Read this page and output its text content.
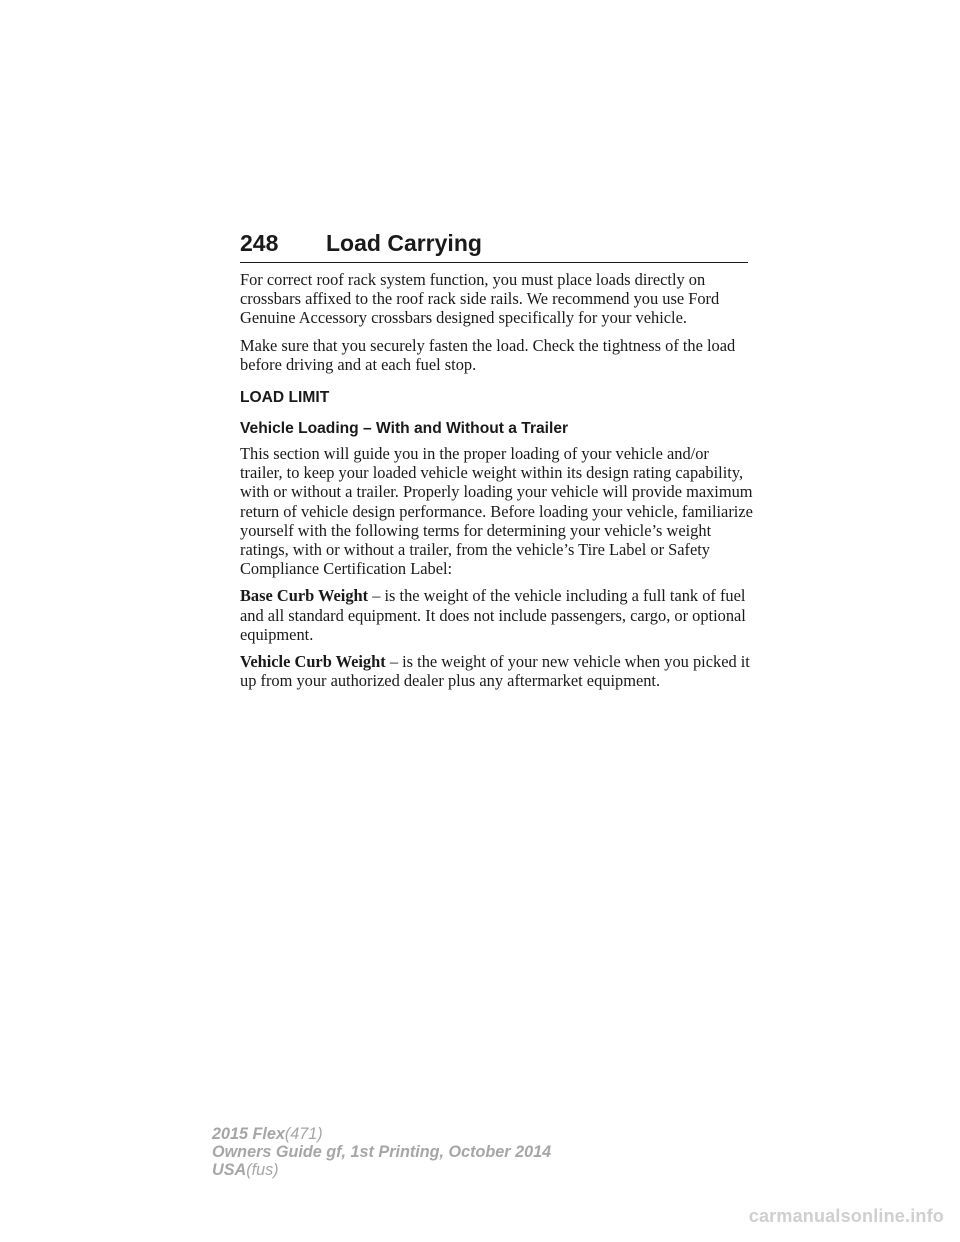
248 Load Carrying

For correct roof rack system function, you must place loads directly on crossbars affixed to the roof rack side rails. We recommend you use Ford Genuine Accessory crossbars designed specifically for your vehicle.

Make sure that you securely fasten the load. Check the tightness of the load before driving and at each fuel stop.

LOAD LIMIT
Vehicle Loading – With and Without a Trailer

This section will guide you in the proper loading of your vehicle and/or trailer, to keep your loaded vehicle weight within its design rating capability, with or without a trailer. Properly loading your vehicle will provide maximum return of vehicle design performance. Before loading your vehicle, familiarize yourself with the following terms for determining your vehicle’s weight ratings, with or without a trailer, from the vehicle’s Tire Label or Safety Compliance Certification Label:

Base Curb Weight – is the weight of the vehicle including a full tank of fuel and all standard equipment. It does not include passengers, cargo, or optional equipment.

Vehicle Curb Weight – is the weight of your new vehicle when you picked it up from your authorized dealer plus any aftermarket equipment.

2015 Flex(471)
Owners Guide gf, 1st Printing, October 2014
USA(fus)
carmanualsonline.info
